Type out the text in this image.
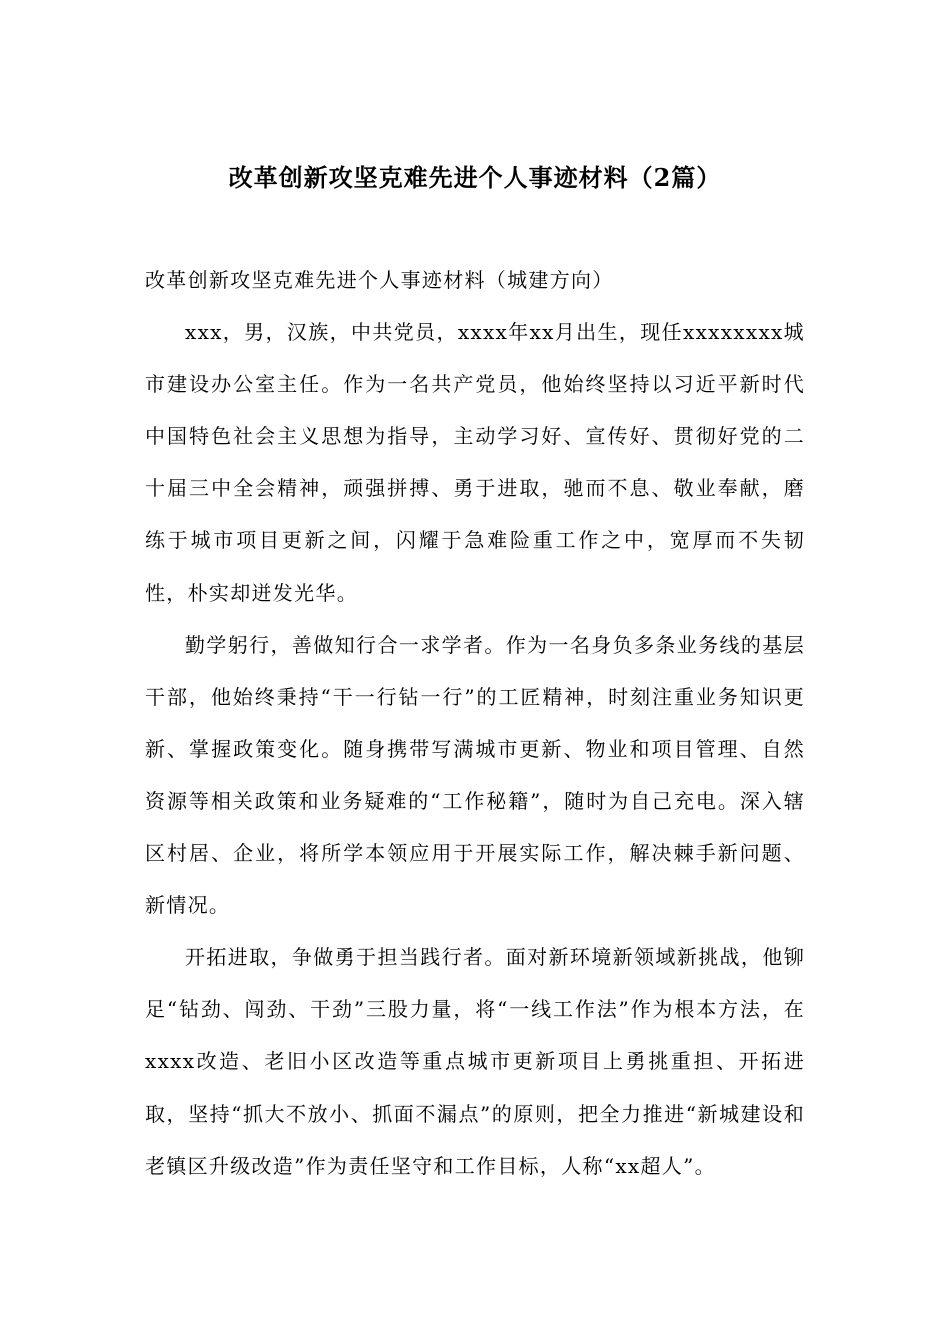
改革创新攻坚克难先进个人事迹材料（2篇）

改革创新攻坚克难先进个人事迹材料（城建方向）

xxx，男，汉族，中共党员，xxxx年xx月出生，现任xxxxxxxx城市建设办公室主任。作为一名共产党员，他始终坚持以习近平新时代中国特色社会主义思想为指导，主动学习好、宣传好、贯彻好党的二十届三中全会精神，顽强拼搏、勇于进取，驰而不息、敬业奉献，磨练于城市项目更新之间，闪耀于急难险重工作之中，宽厚而不失韧性，朴实却迸发光华。

勤学躬行，善做知行合一求学者。作为一名身负多条业务线的基层干部，他始终秉持“干一行钻一行”的工匠精神，时刻注重业务知识更新、掌握政策变化。随身携带写满城市更新、物业和项目管理、自然资源等相关政策和业务疑难的“工作秘籍”，随时为自己充电。深入辖区村居、企业，将所学本领应用于开展实际工作，解决棘手新问题、新情况。

开拓进取，争做勇于担当践行者。面对新环境新领域新挑战，他铆足“钻劲、闯劲、干劲”三股力量，将“一线工作法”作为根本方法，在xxxx改造、老旧小区改造等重点城市更新项目上勇挑重担、开拓进取，坚持“抓大不放小、抓面不漏点”的原则，把全力推进“新城建设和老镇区升级改造”作为责任坚守和工作目标，人称“xx超人”。
